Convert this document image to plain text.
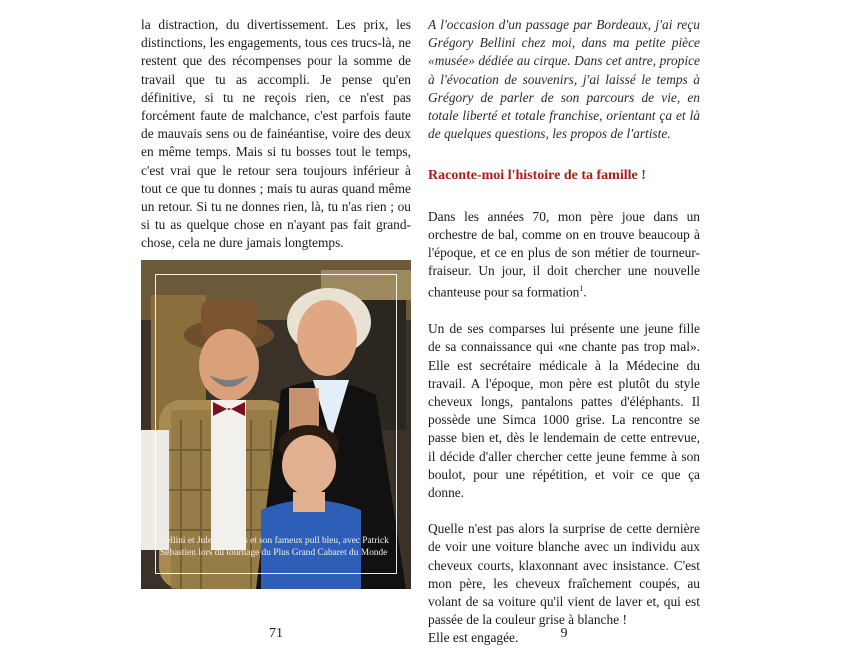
la distraction, du divertissement. Les prix, les distinctions, les engagements, tous ces trucs-là, ne restent que des récompenses pour la somme de travail que tu as accompli. Je pense qu'en définitive, si tu ne reçois rien, ce n'est pas forcément faute de malchance, c'est parfois faute de mauvais sens ou de fainéantise, voire des deux en même temps. Mais si tu bosses tout le temps, c'est vrai que le retour sera toujours inférieur à tout ce que tu donnes ; mais tu auras quand même un retour. Si tu ne donnes rien, là, tu n'as rien ; ou si tu as quelque chose en n'ayant pas fait grand-chose, cela ne dure jamais longtemps.

Bellini et Jules, son fils et son fameux pull bleu, avec Patrick Sébastien lors du tournage du Plus Grand Cabaret du Monde

A l'occasion d'un passage par Bordeaux, j'ai reçu Grégory Bellini chez moi, dans ma petite pièce «musée» dédiée au cirque. Dans cet antre, propice à l'évocation de souvenirs, j'ai laissé le temps à Grégory de parler de son parcours de vie, en totale liberté et totale franchise, orientant ça et là de quelques questions, les propos de l'artiste.

Raconte-moi l'histoire de ta famille !

Dans les années 70, mon père joue dans un orchestre de bal, comme on en trouve beaucoup à l'époque, et ce en plus de son métier de tourneur-fraiseur. Un jour, il doit chercher une nouvelle chanteuse pour sa formation$^1$.

Un de ses comparses lui présente une jeune fille de sa connaissance qui «ne chante pas trop mal». Elle est secrétaire médicale à la Médecine du travail. A l'époque, mon père est plutôt du style cheveux longs, pantalons pattes d'éléphants. Il possède une Simca 1000 grise. La rencontre se passe bien et, dès le lendemain de cette entrevue, il décide d'aller chercher cette jeune femme à son boulot, pour une répétition, et voir ce que ça donne.

Quelle n'est pas alors la surprise de cette dernière de voir une voiture blanche avec un individu aux cheveux courts, klaxonnant avec insistance. C'est mon père, les cheveux fraîchement coupés, au volant de sa voiture qu'il vient de laver et, qui est passée de la couleur grise à blanche !

Elle est engagée.

71	9
